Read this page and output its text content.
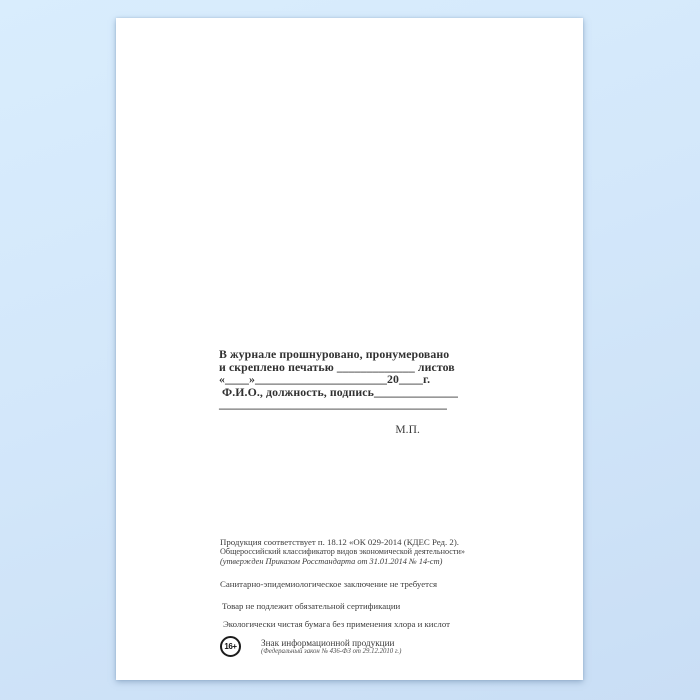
В журнале прошнуровано, пронумеровано
и скреплено печатью _____________ листов
«____»______________________20____г.
Ф.И.О., должность, подпись______________
______________________________________
М.П.
Продукция соответствует п. 18.12 «ОК 029-2014 (КДЕС Ред. 2).
Общероссийский классификатор видов экономической деятельности»
(утвержден Приказом Росстандарта от 31.01.2014 № 14-ст)
Санитарно-эпидемиологическое заключение не требуется
Товар не подлежит обязательной сертификации
Экологически чистая бумага без применения хлора и кислот
16+	Знак информационной продукции
(Федеральный закон № 436-ФЗ от 29.12.2010 г.)
